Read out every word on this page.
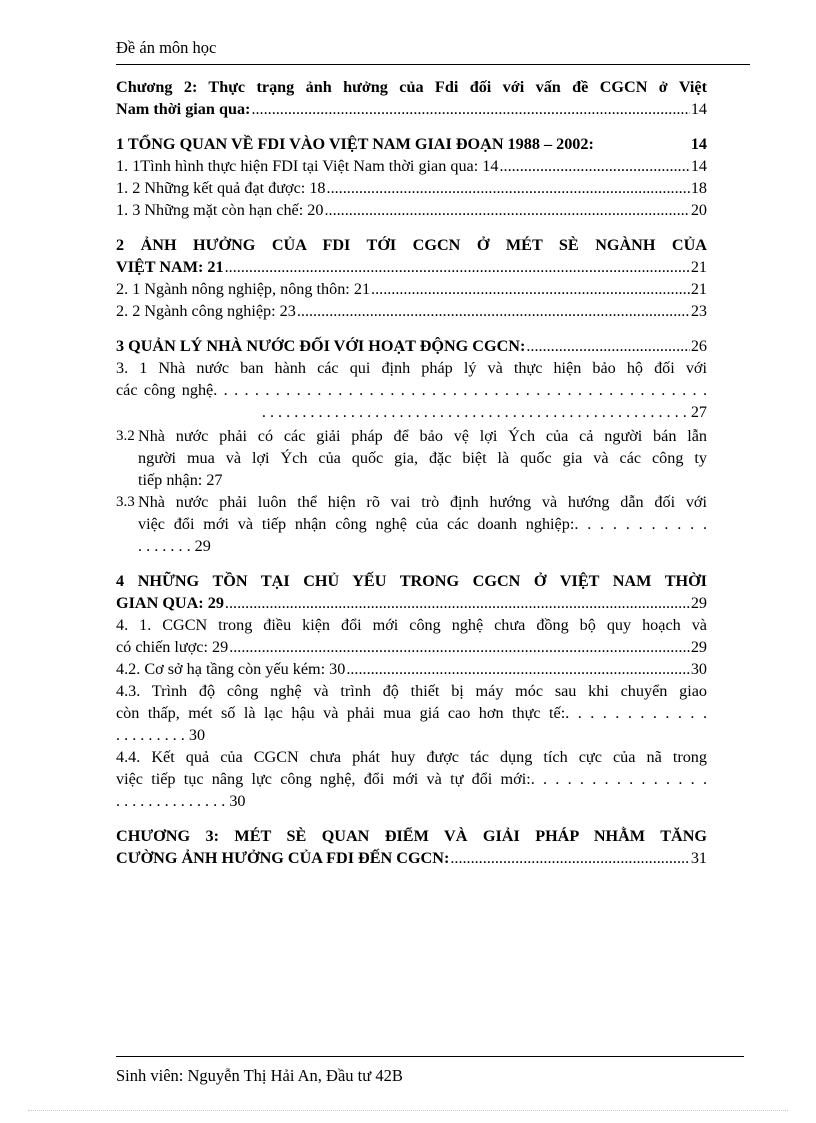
Đề án môn học
Chương 2: Thực trạng ảnh hưởng của Fdi đối với vấn đề CGCN ở Việt
Nam thời gian qua: .....	14
1 TỔNG QUAN VỀ FDI VÀO VIỆT NAM GIAI ĐOẠN 1988 – 2002:	14
1. 1Tình hình thực hiện FDI tại Việt Nam thời gian qua: 14 .....	14
1. 2 Những kết quả đạt được: 18 .....	18
1. 3 Những mặt còn hạn chế: 20 .....	20
2 ẢNH HƯỞNG CỦA FDI TỚI CGCN Ở MÉT SÈ NGÀNH CỦA
VIỆT NAM: 21 .....	21
2. 1 Ngành nông nghiệp, nông thôn: 21 .....	21
2. 2 Ngành công nghiệp: 23 .....	23
3 QUẢN LÝ NHÀ NƯỚC ĐỐI VỚI HOẠT ĐỘNG CGCN: .....	26
3. 1 Nhà nước ban hành các qui định pháp lý và thực hiện bảo hộ đối với
các công nghệ. . . . . . . . . . . . . . . . . . . . . . . . . . . . . . . . . . . . . . . . . . . . . . . .
. . . . . . . . . . . . . . . . . . . . . . . . . . . . . . . . . . . . . . . . . . . . . . . . . . . . . 27
3.2 Nhà nước phải có các giải pháp để bảo vệ lợi Ých của cả người bán lẫn
người mua và lợi Ých của quốc gia, đặc biệt là quốc gia và các công ty
tiếp nhận: 27
3.3 Nhà nước phải luôn thể hiện rõ vai trò định hướng và hướng dẫn đối với
việc đổi mới và tiếp nhận công nghệ của các doanh nghiệp:. . . . . . . . . . .
. . . . . . . 29
4 NHỮNG TỒN TẠI CHỦ YẾU TRONG CGCN Ở VIỆT NAM THỜI
GIAN QUA: 29 .....	29
4. 1. CGCN trong điều kiện đổi mới công nghệ chưa đồng bộ quy hoạch và
có chiến lược: 29 .....	29
4.2. Cơ sở hạ tầng còn yếu kém: 30 .....	30
4.3. Trình độ công nghệ và trình độ thiết bị máy móc sau khi chuyển giao
còn thấp, mét số là lạc hậu và phải mua giá cao hơn thực tế:. . . . . . . . . . . .
. . . . . . . . . 30
4.4. Kết quả của CGCN chưa phát huy được tác dụng tích cực của nã trong
việc tiếp tục nâng lực công nghệ, đổi mới và tự đổi mới:. . . . . . . . . . . . . . .
. . . . . . . . . . . . . . 30
CHƯƠNG 3: MÉT SÈ QUAN ĐIỂM VÀ GIẢI PHÁP NHẰM TĂNG
CƯỜNG ẢNH HƯỞNG CỦA FDI ĐẾN CGCN: .....	31
Sinh viên: Nguyễn Thị Hải An, Đầu tư 42B
